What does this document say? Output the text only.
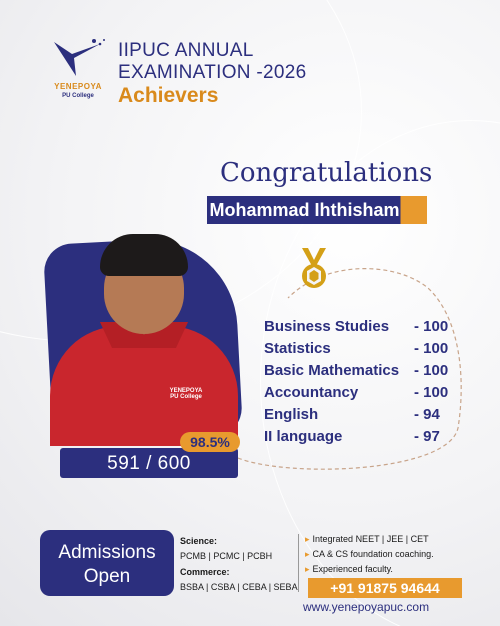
YENEPOYA
PU College
IIPUC ANNUAL
EXAMINATION -2026
Achievers
Congratulations
Mohammad Ihthisham
YENEPOYA PU College
591 / 600
98.5%
Business Studies - 100
Statistics	- 100
Basic Mathematics - 100
Accountancy	- 100
English	- 94
II language	- 97
Admissions
Open
Science:
PCMB | PCMC | PCBH
Commerce:
BSBA | CSBA | CEBA | SEBA
▸ Integrated NEET | JEE | CET
▸ CA & CS foundation coaching.
▸ Experienced faculty.
+91 91875 94644
www.yenepoyapuc.com
